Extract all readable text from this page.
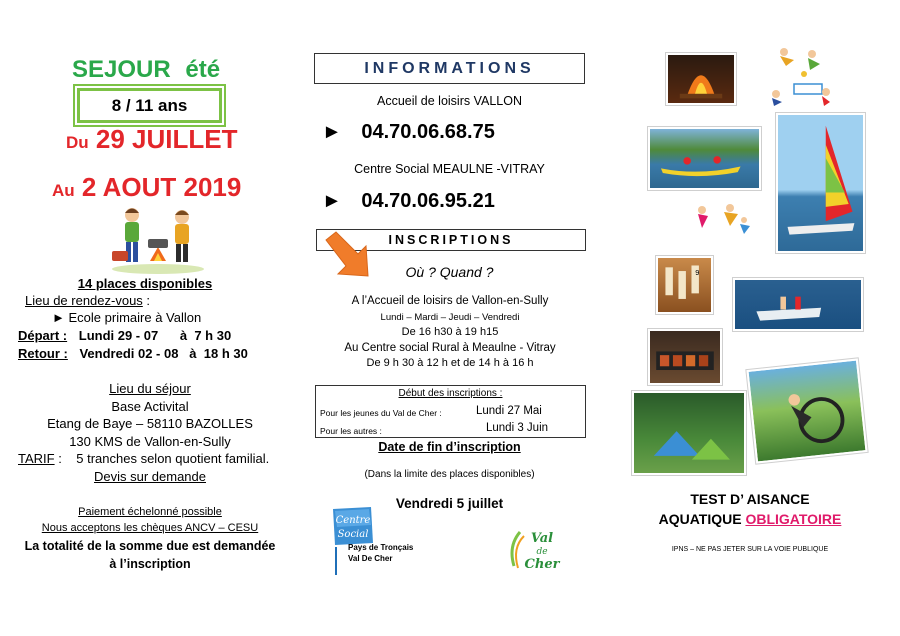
SEJOUR été
8 / 11 ans
Du 29 JUILLET
Au 2 AOUT 2019
14 places disponibles
Lieu de rendez-vous :
► Ecole primaire à Vallon
Départ : Lundi 29 - 07      à  7 h 30
Retour : Vendredi 02 - 08   à  18 h 30
Lieu du séjour
Base Activital
Etang de Baye – 58110 BAZOLLES
130 KMS de Vallon-en-Sully
TARIF :    5 tranches selon quotient familial.
Devis sur demande
Paiement échelonné possible
Nous acceptons les chèques ANCV – CESU
La totalité de la somme due est demandée
à l’inscription
INFORMATIONS
Accueil de loisirs VALLON
► 04.70.06.68.75
Centre Social MEAULNE -VITRAY
► 04.70.06.95.21
INSCRIPTIONS
Où ? Quand ?
A l’Accueil de loisirs de Vallon-en-Sully
Lundi – Mardi – Jeudi – Vendredi
De 16 h30 à 19 h15
Au Centre social Rural à Meaulne - Vitray
De 9 h 30 à 12 h et de 14 h à 16 h
Début des inscriptions :
Pour les jeunes du Val de Cher :	Lundi 27 Mai
Pour les autres :	Lundi 3 Juin
Date de fin d’inscription
(Dans la limite des places disponibles)
Vendredi 5 juillet
Centre
Social
Pays de Tronçais
Val De Cher
Val
de
Cher
9
TEST D’ AISANCE
AQUATIQUE OBLIGATOIRE
IPNS – NE PAS JETER SUR LA VOIE PUBLIQUE
